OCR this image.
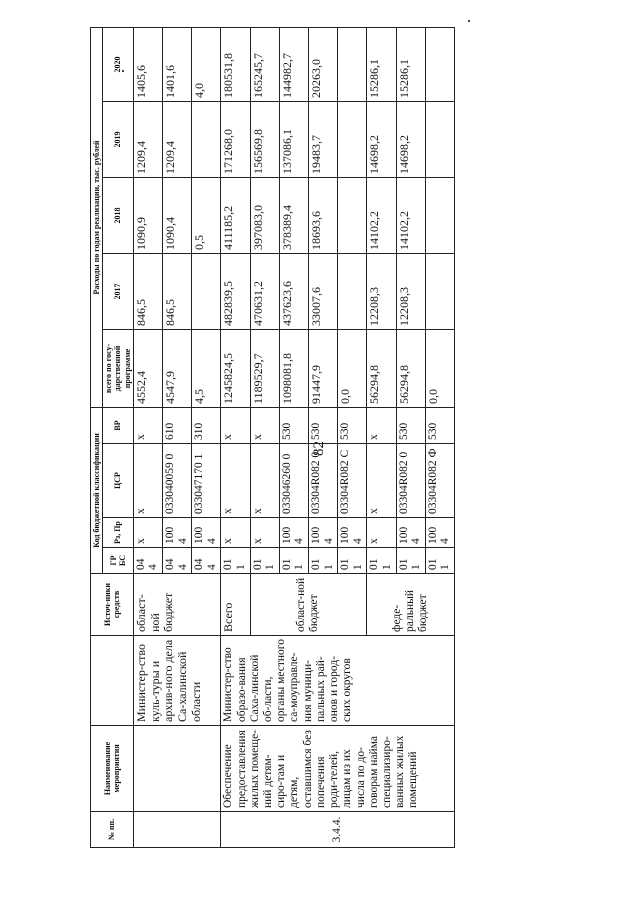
82
№ пп.	Наименование мероприятия		Источ-ники средств	Код бюджетной классификации				Расходы по годам реализации, тыс. рублей				
				ГР БС	Рз, Пр	ЦСР	ВР	всего по госу-дарственной программе	2017	2018	2019	2020
		Министер-ство куль-туры и архив-ного дела Са-халинской области	област-ной бюджет	04 4	х	х	х	4552,4	846,5	1090,9	1209,4	1405,6
				04 4	100 4	033040059 0	610	4547,9	846,5	1090,4	1209,4	1401,6
				04 4	100 4	033047170 1	310	4,5		0,5		4,0
3.4.4.	Обеспечение предоставления жилых помеще-ний детям-сиро-там и детям, оставшимся без попечения роди-телей, лицам из их числа по до-говорам найма специализиро-ванных жилых помещений	Министер-ство образо-вания Саха-линской об-ласти, органы местного са-моуправле-ния муници-пальных рай-онов и город-ских округов	Всего	01 1	х	х	х	1245824,5	482839,5	411185,2	171268,0	180531,8
			област-ной бюджет	01 1	х	х	х	1189529,7	470631,2	397083,0	156569,8	165245,7
				01 1	100 4	033046260 0	530	1098081,8	437623,6	378389,4	137086,1	144982,7
				01 1	100 4	03304R082 0	530	91447,9	33007,6	18693,6	19483,7	20263,0
				01 1	100 4	03304R082 С	530	0,0				
			феде-ральный бюджет	01 1	х	х	х	56294,8	12208,3	14102,2	14698,2	15286,1
				01 1	100 4	03304R082 0	530	56294,8	12208,3	14102,2	14698,2	15286,1
				01 1	100 4	03304R082 Ф	530	0,0				
